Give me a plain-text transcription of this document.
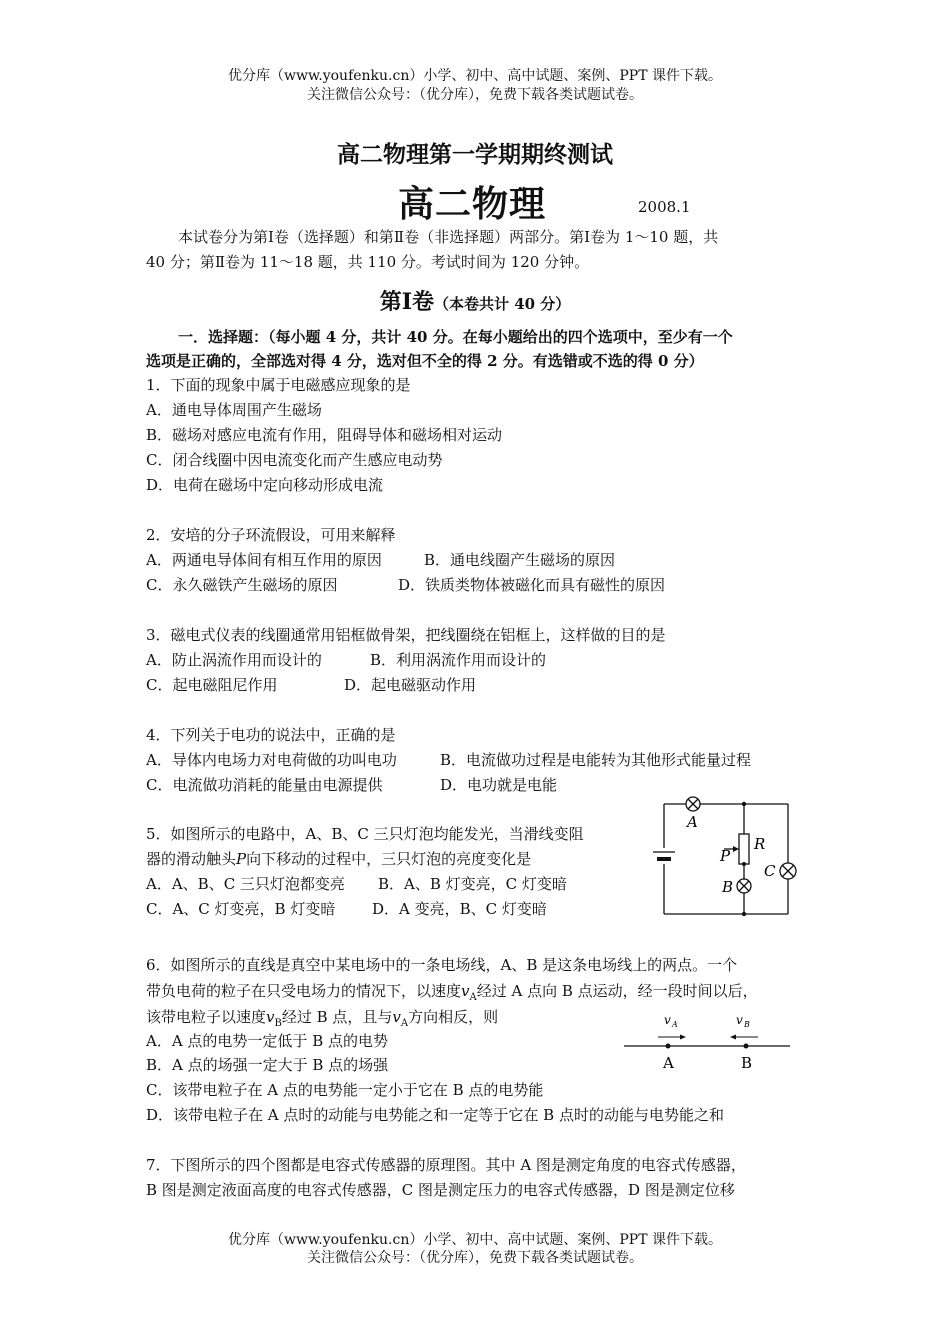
优分库（www.youfenku.cn）小学、初中、高中试题、案例、PPT 课件下载。
关注微信公众号：（优分库），免费下载各类试题试卷。
高二物理第一学期期终测试
高二物理	2008.1
本试卷分为第Ⅰ卷（选择题）和第Ⅱ卷（非选择题）两部分。第Ⅰ卷为 1～10 题，共
40 分；第Ⅱ卷为 11～18 题，共 110 分。考试时间为 120 分钟。
第Ⅰ卷（本卷共计 40 分）
一．选择题：（每小题 4 分，共计 40 分。在每小题给出的四个选项中，至少有一个
选项是正确的，全部选对得 4 分，选对但不全的得 2 分。有选错或不选的得 0 分）
1．下面的现象中属于电磁感应现象的是
A．通电导体周围产生磁场
B．磁场对感应电流有作用，阻碍导体和磁场相对运动
C．闭合线圈中因电流变化而产生感应电动势
D．电荷在磁场中定向移动形成电流
2．安培的分子环流假设，可用来解释
A．两通电导体间有相互作用的原因	B．通电线圈产生磁场的原因
C．永久磁铁产生磁场的原因	D．铁质类物体被磁化而具有磁性的原因
3．磁电式仪表的线圈通常用铝框做骨架，把线圈绕在铝框上，这样做的目的是
A．防止涡流作用而设计的	B．利用涡流作用而设计的
C．起电磁阻尼作用	D．起电磁驱动作用
4．下列关于电功的说法中，正确的是
A．导体内电场力对电荷做的功叫电功	B．电流做功过程是电能转为其他形式能量过程
C．电流做功消耗的能量由电源提供	D．电功就是电能
5．如图所示的电路中，A、B、C 三只灯泡均能发光，当滑线变阻
器的滑动触头P向下移动的过程中，三只灯泡的亮度变化是
A．A、B、C 三只灯泡都变亮 B．A、B 灯变亮，C 灯变暗
C．A、C 灯变亮，B 灯变暗 D．A 变亮，B、C 灯变暗
A
P
R
B
C
6．如图所示的直线是真空中某电场中的一条电场线，A、B 是这条电场线上的两点。一个
带负电荷的粒子在只受电场力的情况下，以速度$v_A$经过 A 点向 B 点运动，经一段时间以后，
该带电粒子以速度$v_B$经过 B 点，且与$v_A$方向相反，则
A．A 点的电势一定低于 B 点的电势
B．A 点的场强一定大于 B 点的场强
C．该带电粒子在 A 点的电势能一定小于它在 B 点的电势能
D．该带电粒子在 A 点时的动能与电势能之和一定等于它在 B 点时的动能与电势能之和
v A	v B
A	B
7．下图所示的四个图都是电容式传感器的原理图。其中 A 图是测定角度的电容式传感器，
B 图是测定液面高度的电容式传感器，C 图是测定压力的电容式传感器，D 图是测定位移
优分库（www.youfenku.cn）小学、初中、高中试题、案例、PPT 课件下载。
关注微信公众号：（优分库），免费下载各类试题试卷。
